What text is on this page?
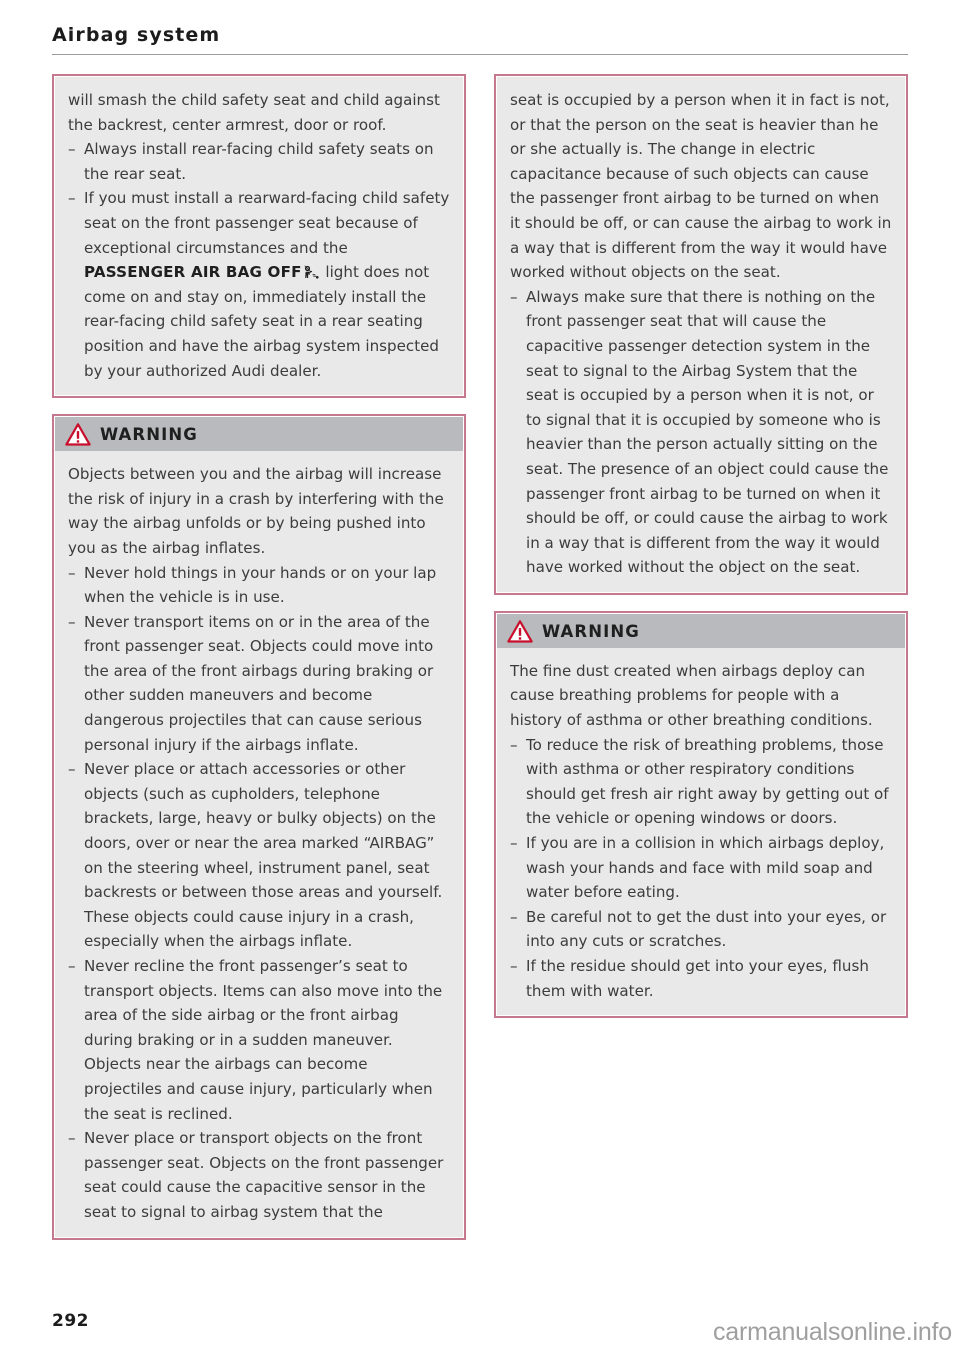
Airbag system

will smash the child safety seat and child against the backrest, center armrest, door or roof.

– Always install rear-facing child safety seats on the rear seat.
– If you must install a rearward-facing child safety seat on the front passenger seat because of exceptional circumstances and the PASSENGER AIR BAG OFF light does not come on and stay on, immediately install the rear-facing child safety seat in a rear seating position and have the airbag system inspected by your authorized Audi dealer.
WARNING

Objects between you and the airbag will increase the risk of injury in a crash by interfering with the way the airbag unfolds or by being pushed into you as the airbag inflates.

– Never hold things in your hands or on your lap when the vehicle is in use.
– Never transport items on or in the area of the front passenger seat. Objects could move into the area of the front airbags during braking or other sudden maneuvers and become dangerous projectiles that can cause serious personal injury if the airbags inflate.
– Never place or attach accessories or other objects (such as cupholders, telephone brackets, large, heavy or bulky objects) on the doors, over or near the area marked “AIRBAG” on the steering wheel, instrument panel, seat backrests or between those areas and yourself. These objects could cause injury in a crash, especially when the airbags inflate.
– Never recline the front passenger’s seat to transport objects. Items can also move into the area of the side airbag or the front airbag during braking or in a sudden maneuver. Objects near the airbags can become projectiles and cause injury, particularly when the seat is reclined.
– Never place or transport objects on the front passenger seat. Objects on the front passenger seat could cause the capacitive sensor in the seat to signal to airbag system that the

seat is occupied by a person when it in fact is not, or that the person on the seat is heavier than he or she actually is. The change in electric capacitance because of such objects can cause the passenger front airbag to be turned on when it should be off, or can cause the airbag to work in a way that is different from the way it would have worked without objects on the seat.

– Always make sure that there is nothing on the front passenger seat that will cause the capacitive passenger detection system in the seat to signal to the Airbag System that the seat is occupied by a person when it is not, or to signal that it is occupied by someone who is heavier than the person actually sitting on the seat. The presence of an object could cause the passenger front airbag to be turned on when it should be off, or could cause the airbag to work in a way that is different from the way it would have worked without the object on the seat.
WARNING

The fine dust created when airbags deploy can cause breathing problems for people with a history of asthma or other breathing conditions.

– To reduce the risk of breathing problems, those with asthma or other respiratory conditions should get fresh air right away by getting out of the vehicle or opening windows or doors.
– If you are in a collision in which airbags deploy, wash your hands and face with mild soap and water before eating.
– Be careful not to get the dust into your eyes, or into any cuts or scratches.
– If the residue should get into your eyes, flush them with water.
292	carmanualsonline.info
